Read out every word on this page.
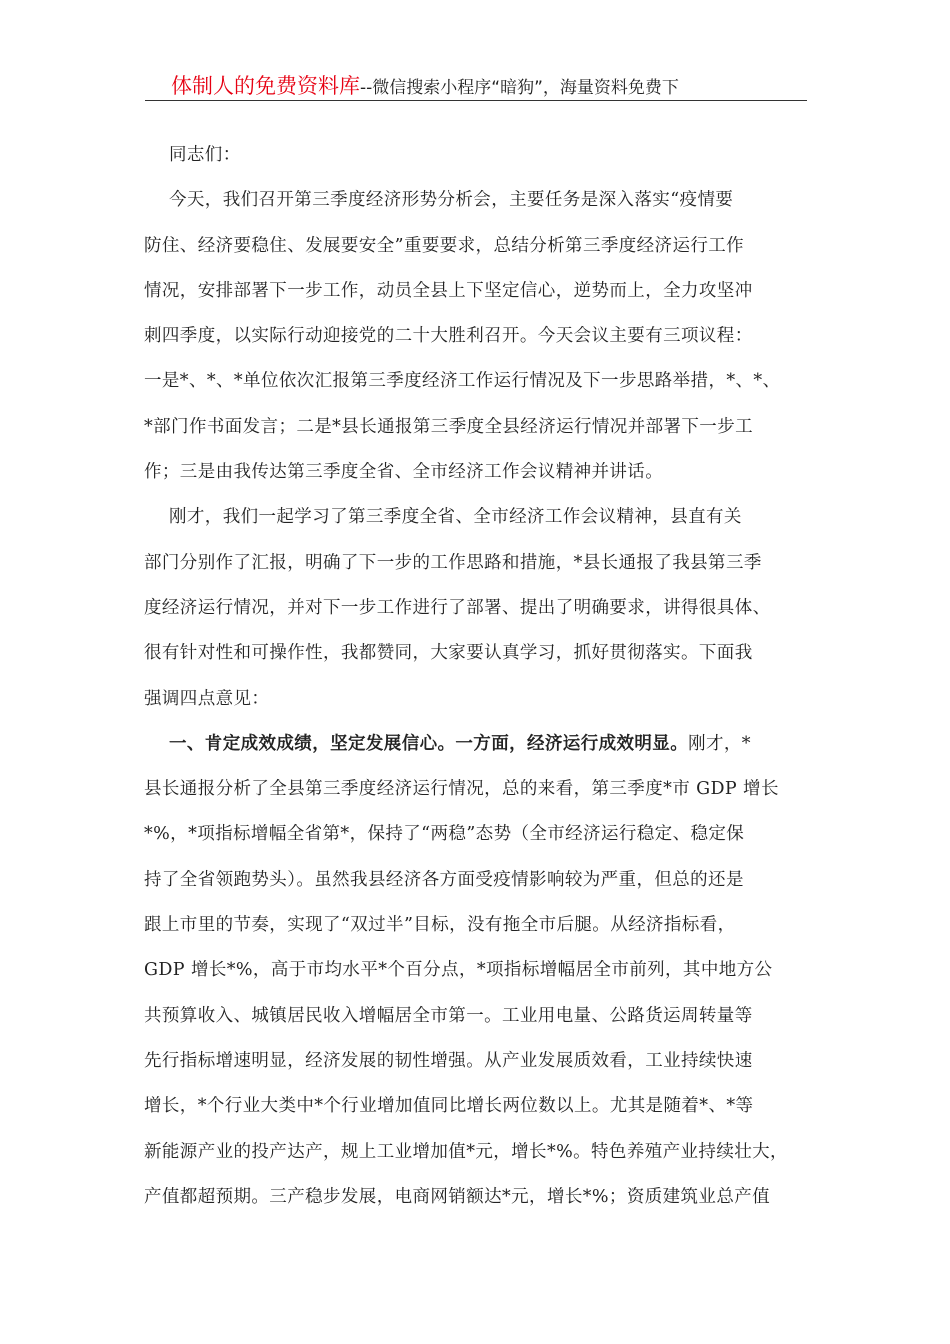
体制人的免费资料库--微信搜索小程序“暗狗”，海量资料免费下
同志们：
今天，我们召开第三季度经济形势分析会，主要任务是深入落实“疫情要
防住、经济要稳住、发展要安全”重要要求，总结分析第三季度经济运行工作
情况，安排部署下一步工作，动员全县上下坚定信心，逆势而上，全力攻坚冲
刺四季度，以实际行动迎接党的二十大胜利召开。今天会议主要有三项议程：
一是*、*、*单位依次汇报第三季度经济工作运行情况及下一步思路举措，*、*、
*部门作书面发言；二是*县长通报第三季度全县经济运行情况并部署下一步工
作；三是由我传达第三季度全省、全市经济工作会议精神并讲话。
刚才，我们一起学习了第三季度全省、全市经济工作会议精神，县直有关
部门分别作了汇报，明确了下一步的工作思路和措施，*县长通报了我县第三季
度经济运行情况，并对下一步工作进行了部署、提出了明确要求，讲得很具体、
很有针对性和可操作性，我都赞同，大家要认真学习，抓好贯彻落实。下面我
强调四点意见：
一、肯定成效成绩，坚定发展信心。一方面，经济运行成效明显。刚才，*
县长通报分析了全县第三季度经济运行情况，总的来看，第三季度*市 GDP 增长
*%，*项指标增幅全省第*，保持了“两稳”态势（全市经济运行稳定、稳定保
持了全省领跑势头）。虽然我县经济各方面受疫情影响较为严重，但总的还是
跟上市里的节奏，实现了“双过半”目标，没有拖全市后腿。从经济指标看，
GDP 增长*%，高于市均水平*个百分点，*项指标增幅居全市前列，其中地方公
共预算收入、城镇居民收入增幅居全市第一。工业用电量、公路货运周转量等
先行指标增速明显，经济发展的韧性增强。从产业发展质效看，工业持续快速
增长，*个行业大类中*个行业增加值同比增长两位数以上。尤其是随着*、*等
新能源产业的投产达产，规上工业增加值*元，增长*%。特色养殖产业持续壮大，
产值都超预期。三产稳步发展，电商网销额达*元，增长*%；资质建筑业总产值
